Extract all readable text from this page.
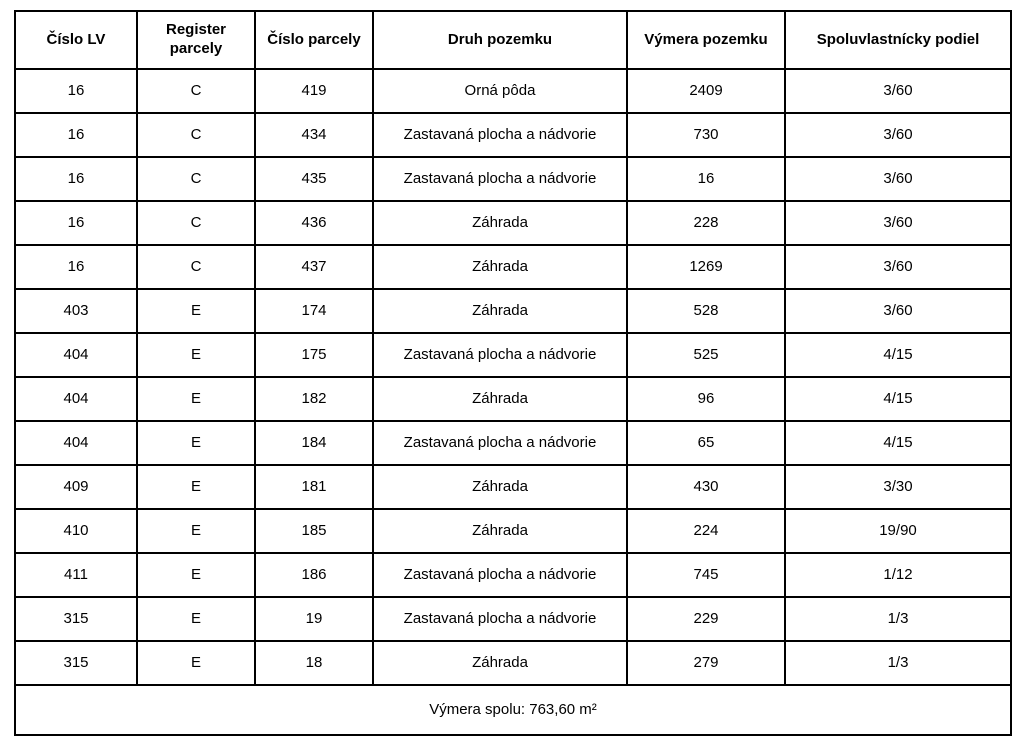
Číslo LV	Register parcely	Číslo parcely	Druh pozemku	Výmera pozemku	Spoluvlastnícky podiel
16	C	419	Orná pôda	2409	3/60
16	C	434	Zastavaná plocha a nádvorie	730	3/60
16	C	435	Zastavaná plocha a nádvorie	16	3/60
16	C	436	Záhrada	228	3/60
16	C	437	Záhrada	1269	3/60
403	E	174	Záhrada	528	3/60
404	E	175	Zastavaná plocha a nádvorie	525	4/15
404	E	182	Záhrada	96	4/15
404	E	184	Zastavaná plocha a nádvorie	65	4/15
409	E	181	Záhrada	430	3/30
410	E	185	Záhrada	224	19/90
411	E	186	Zastavaná plocha a nádvorie	745	1/12
315	E	19	Zastavaná plocha a nádvorie	229	1/3
315	E	18	Záhrada	279	1/3
Výmera spolu: 763,60 m²					
